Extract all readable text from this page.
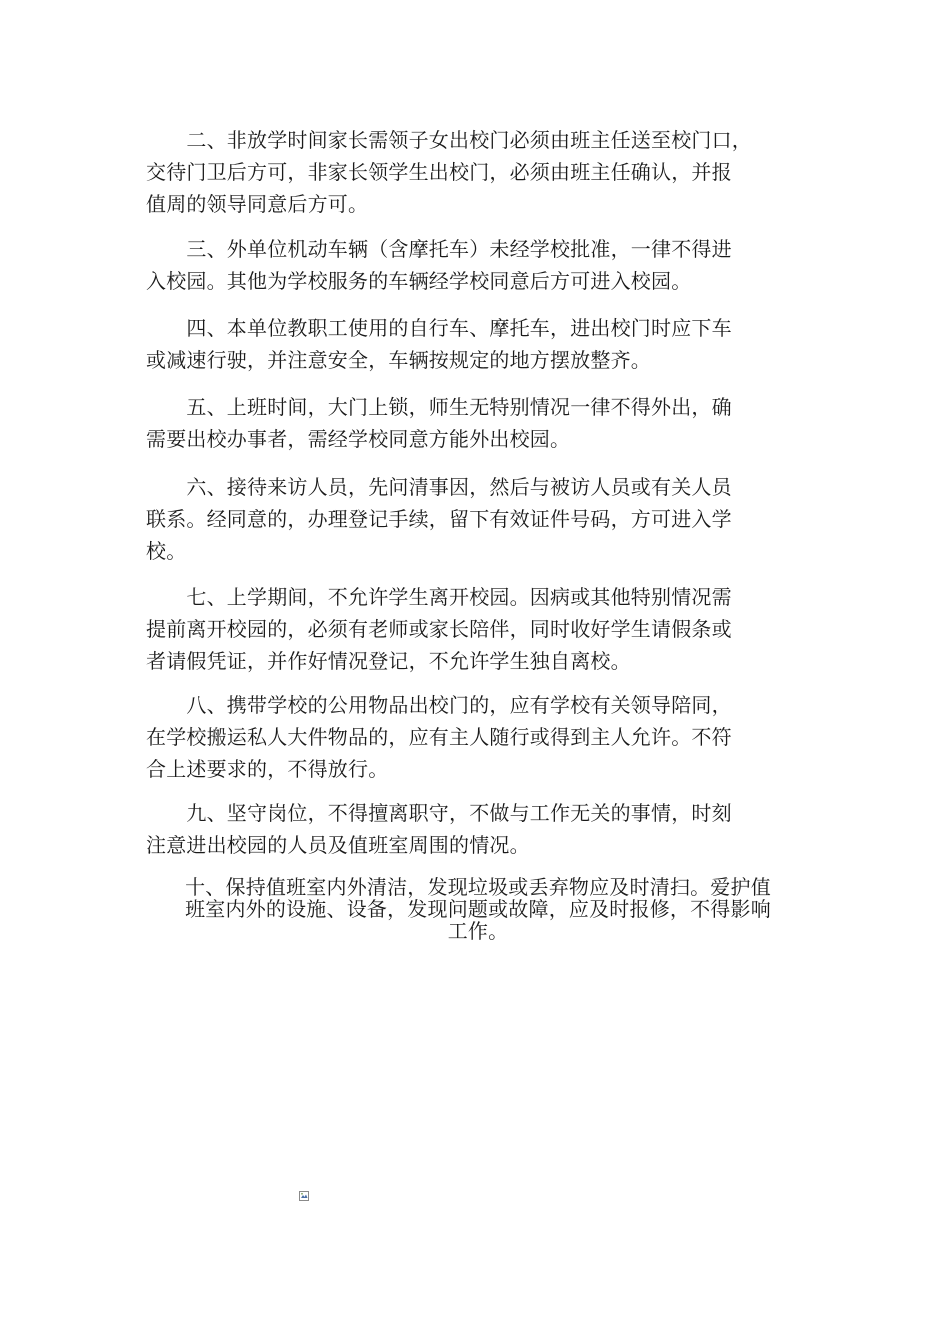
　　二、非放学时间家长需领子女出校门必须由班主任送至校门口，
交待门卫后方可，非家长领学生出校门，必须由班主任确认，并报
值周的领导同意后方可。

　　三、外单位机动车辆（含摩托车）未经学校批准，一律不得进
入校园。其他为学校服务的车辆经学校同意后方可进入校园。

　　四、本单位教职工使用的自行车、摩托车，进出校门时应下车
或减速行驶，并注意安全，车辆按规定的地方摆放整齐。

　　五、上班时间，大门上锁，师生无特别情况一律不得外出，确
需要出校办事者，需经学校同意方能外出校园。

　　六、接待来访人员，先问清事因，然后与被访人员或有关人员
联系。经同意的，办理登记手续，留下有效证件号码，方可进入学
校。

　　七、上学期间，不允许学生离开校园。因病或其他特别情况需
提前离开校园的，必须有老师或家长陪伴，同时收好学生请假条或
者请假凭证，并作好情况登记，不允许学生独自离校。

　　八、携带学校的公用物品出校门的，应有学校有关领导陪同，
在学校搬运私人大件物品的，应有主人随行或得到主人允许。不符
合上述要求的，不得放行。

　　九、坚守岗位，不得擅离职守，不做与工作无关的事情，时刻
注意进出校园的人员及值班室周围的情况。

十、保持值班室内外清洁，发现垃圾或丢弃物应及时清扫。爱护值
班室内外的设施、设备，发现问题或故障，应及时报修，不得影响
工作。
